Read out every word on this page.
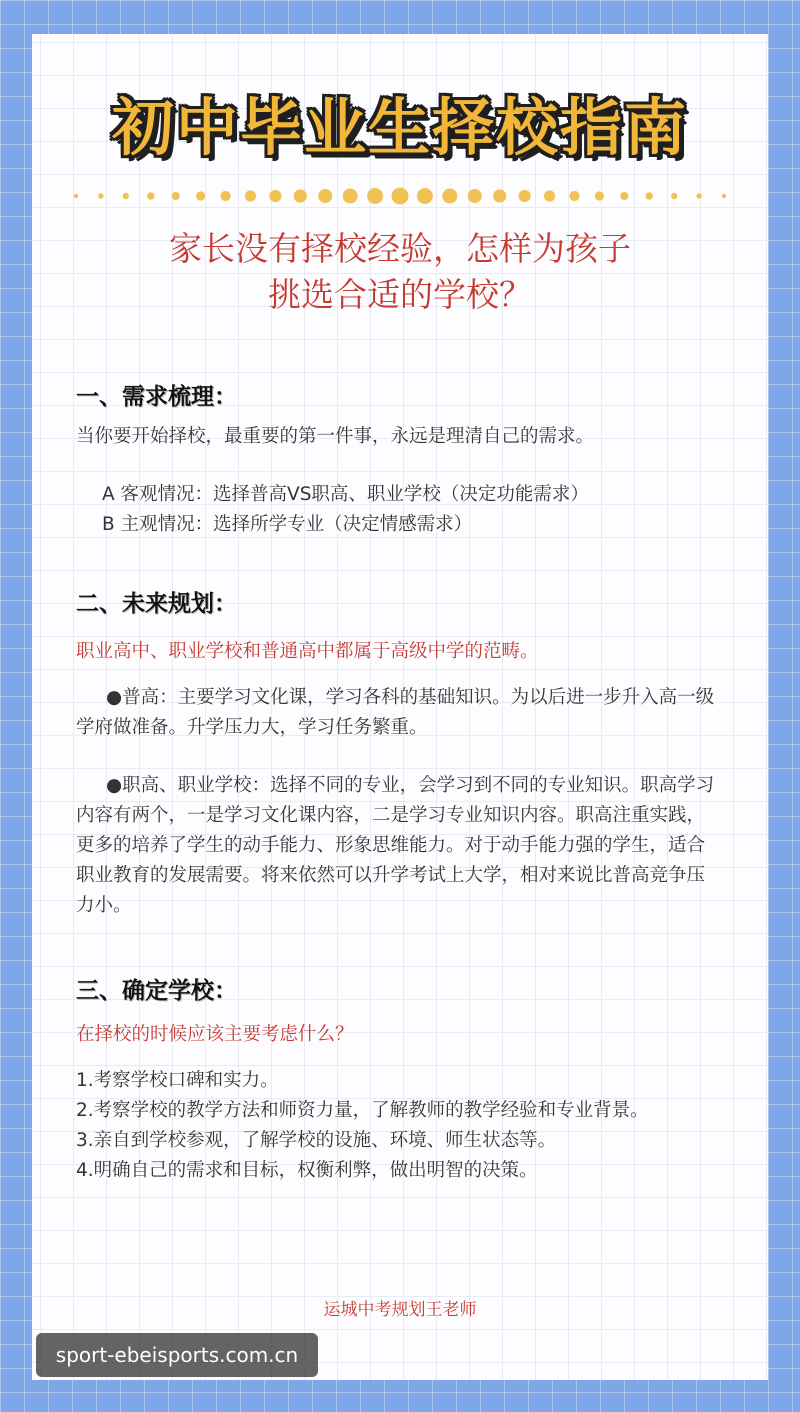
初中毕业生择校指南
家长没有择校经验，怎样为孩子
挑选合适的学校？
一、需求梳理：

当你要开始择校，最重要的第一件事，永远是理清自己的需求。

A 客观情况：选择普高VS职高、职业学校（决定功能需求）

B 主观情况：选择所学专业（决定情感需求）

二、未来规划：

职业高中、职业学校和普通高中都属于高级中学的范畴。

●普高：主要学习文化课，学习各科的基础知识。为以后进一步升入高一级学府做准备。升学压力大，学习任务繁重。

●职高、职业学校：选择不同的专业，会学习到不同的专业知识。职高学习内容有两个，一是学习文化课内容，二是学习专业知识内容。职高注重实践，更多的培养了学生的动手能力、形象思维能力。对于动手能力强的学生，适合职业教育的发展需要。将来依然可以升学考试上大学，相对来说比普高竞争压力小。

三、确定学校：

在择校的时候应该主要考虑什么？

1.考察学校口碑和实力。
2.考察学校的教学方法和师资力量，了解教师的教学经验和专业背景。
3.亲自到学校参观，了解学校的设施、环境、师生状态等。
4.明确自己的需求和目标，权衡利弊，做出明智的决策。
运城中考规划王老师
sport-ebeisports.com.cn
